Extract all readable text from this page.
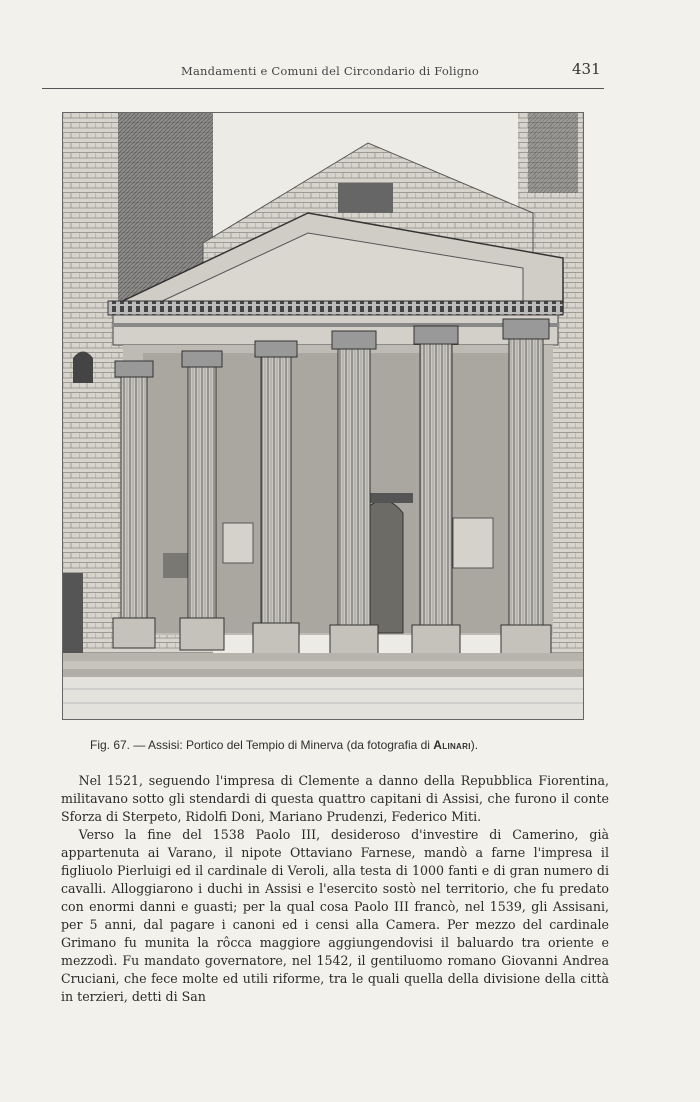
Mandamenti e Comuni del Circondario di Foligno	431
Fig. 67. — Assisi: Portico del Tempio di Minerva (da fotografia di Alinari).

Nel 1521, seguendo l'impresa di Clemente a danno della Repubblica Fiorentina, militavano sotto gli stendardi di questa quattro capitani di Assisi, che furono il conte Sforza di Sterpeto, Ridolfi Doni, Mariano Prudenzi, Federico Miti.

Verso la fine del 1538 Paolo III, desideroso d'investire di Camerino, già appartenuta ai Varano, il nipote Ottaviano Farnese, mandò a farne l'impresa il figliuolo Pierluigi ed il cardinale di Veroli, alla testa di 1000 fanti e di gran numero di cavalli. Alloggiarono i duchi in Assisi e l'esercito sostò nel territorio, che fu predato con enormi danni e guasti; per la qual cosa Paolo III francò, nel 1539, gli Assisani, per 5 anni, dal pagare i canoni ed i censi alla Camera. Per mezzo del cardinale Grimano fu munita la rôcca maggiore aggiungendovisi il baluardo tra oriente e mezzodì. Fu mandato governatore, nel 1542, il gentiluomo romano Giovanni Andrea Cruciani, che fece molte ed utili riforme, tra le quali quella della divisione della città in terzieri, detti di San
